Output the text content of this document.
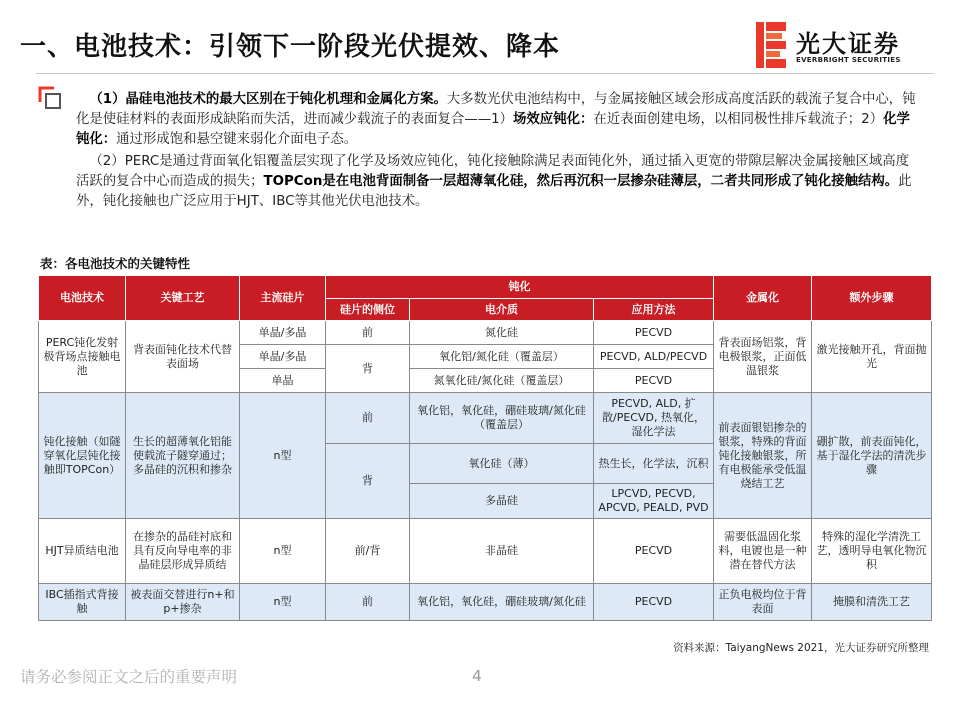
一、电池技术：引领下一阶段光伏提效、降本	光大证券
EVERBRIGHT SECURITIES

（1）晶硅电池技术的最大区别在于钝化机理和金属化方案。大多数光伏电池结构中，与金属接触区域会形成高度活跃的载流子复合中心，钝化是使硅材料的表面形成缺陷而失活，进而减少载流子的表面复合——1）场效应钝化：在近表面创建电场，以相同极性排斥载流子；2）化学钝化：通过形成饱和悬空键来弱化介面电子态。

（2）PERC是通过背面氧化铝覆盖层实现了化学及场效应钝化，钝化接触除满足表面钝化外，通过插入更宽的带隙层解决金属接触区域高度活跃的复合中心而造成的损失；TOPCon是在电池背面制备一层超薄氧化硅，然后再沉积一层掺杂硅薄层，二者共同形成了钝化接触结构。此外，钝化接触也广泛应用于HJT、IBC等其他光伏电池技术。

表：各电池技术的关键特性

电池技术	关键工艺	主流硅片	钝化			金属化	额外步骤
			硅片的侧位	电介质	应用方法		
PERC钝化发射极背场点接触电池	背表面钝化技术代替表面场	单晶/多晶	前	氮化硅	PECVD	背表面场铝浆，背电极银浆，正面低温银浆	激光接触开孔，背面抛光
		单晶/多晶	背	氧化铝/氮化硅（覆盖层）	PECVD, ALD/PECVD		
		单晶		氮氧化硅/氮化硅（覆盖层）	PECVD		
钝化接触（如隧穿氧化层钝化接触即TOPCon）	生长的超薄氧化铝能使载流子隧穿通过；多晶硅的沉积和掺杂	n型	前	氧化铝，氧化硅，硼硅玻璃/氮化硅（覆盖层）	PECVD, ALD, 扩散/PECVD, 热氧化，湿化学法	前表面银铝掺杂的银浆，特殊的背面钝化接触银浆，所有电极能承受低温烧结工艺	硼扩散，前表面钝化，基于湿化学法的清洗步骤
			背	氧化硅（薄）	热生长，化学法，沉积		
				多晶硅	LPCVD, PECVD, APCVD, PEALD, PVD		
HJT异质结电池	在掺杂的晶硅衬底和具有反向导电率的非晶硅层形成异质结	n型	前/背	非晶硅	PECVD	需要低温固化浆料，电镀也是一种潜在替代方法	特殊的湿化学清洗工艺，透明导电氧化物沉积
IBC插指式背接触	被表面交替进行n+和p+掺杂	n型	前	氧化铝，氧化硅，硼硅玻璃/氮化硅	PECVD	正负电极均位于背表面	掩膜和清洗工艺

资料来源：TaiyangNews 2021，光大证券研究所整理

请务必参阅正文之后的重要声明	4
